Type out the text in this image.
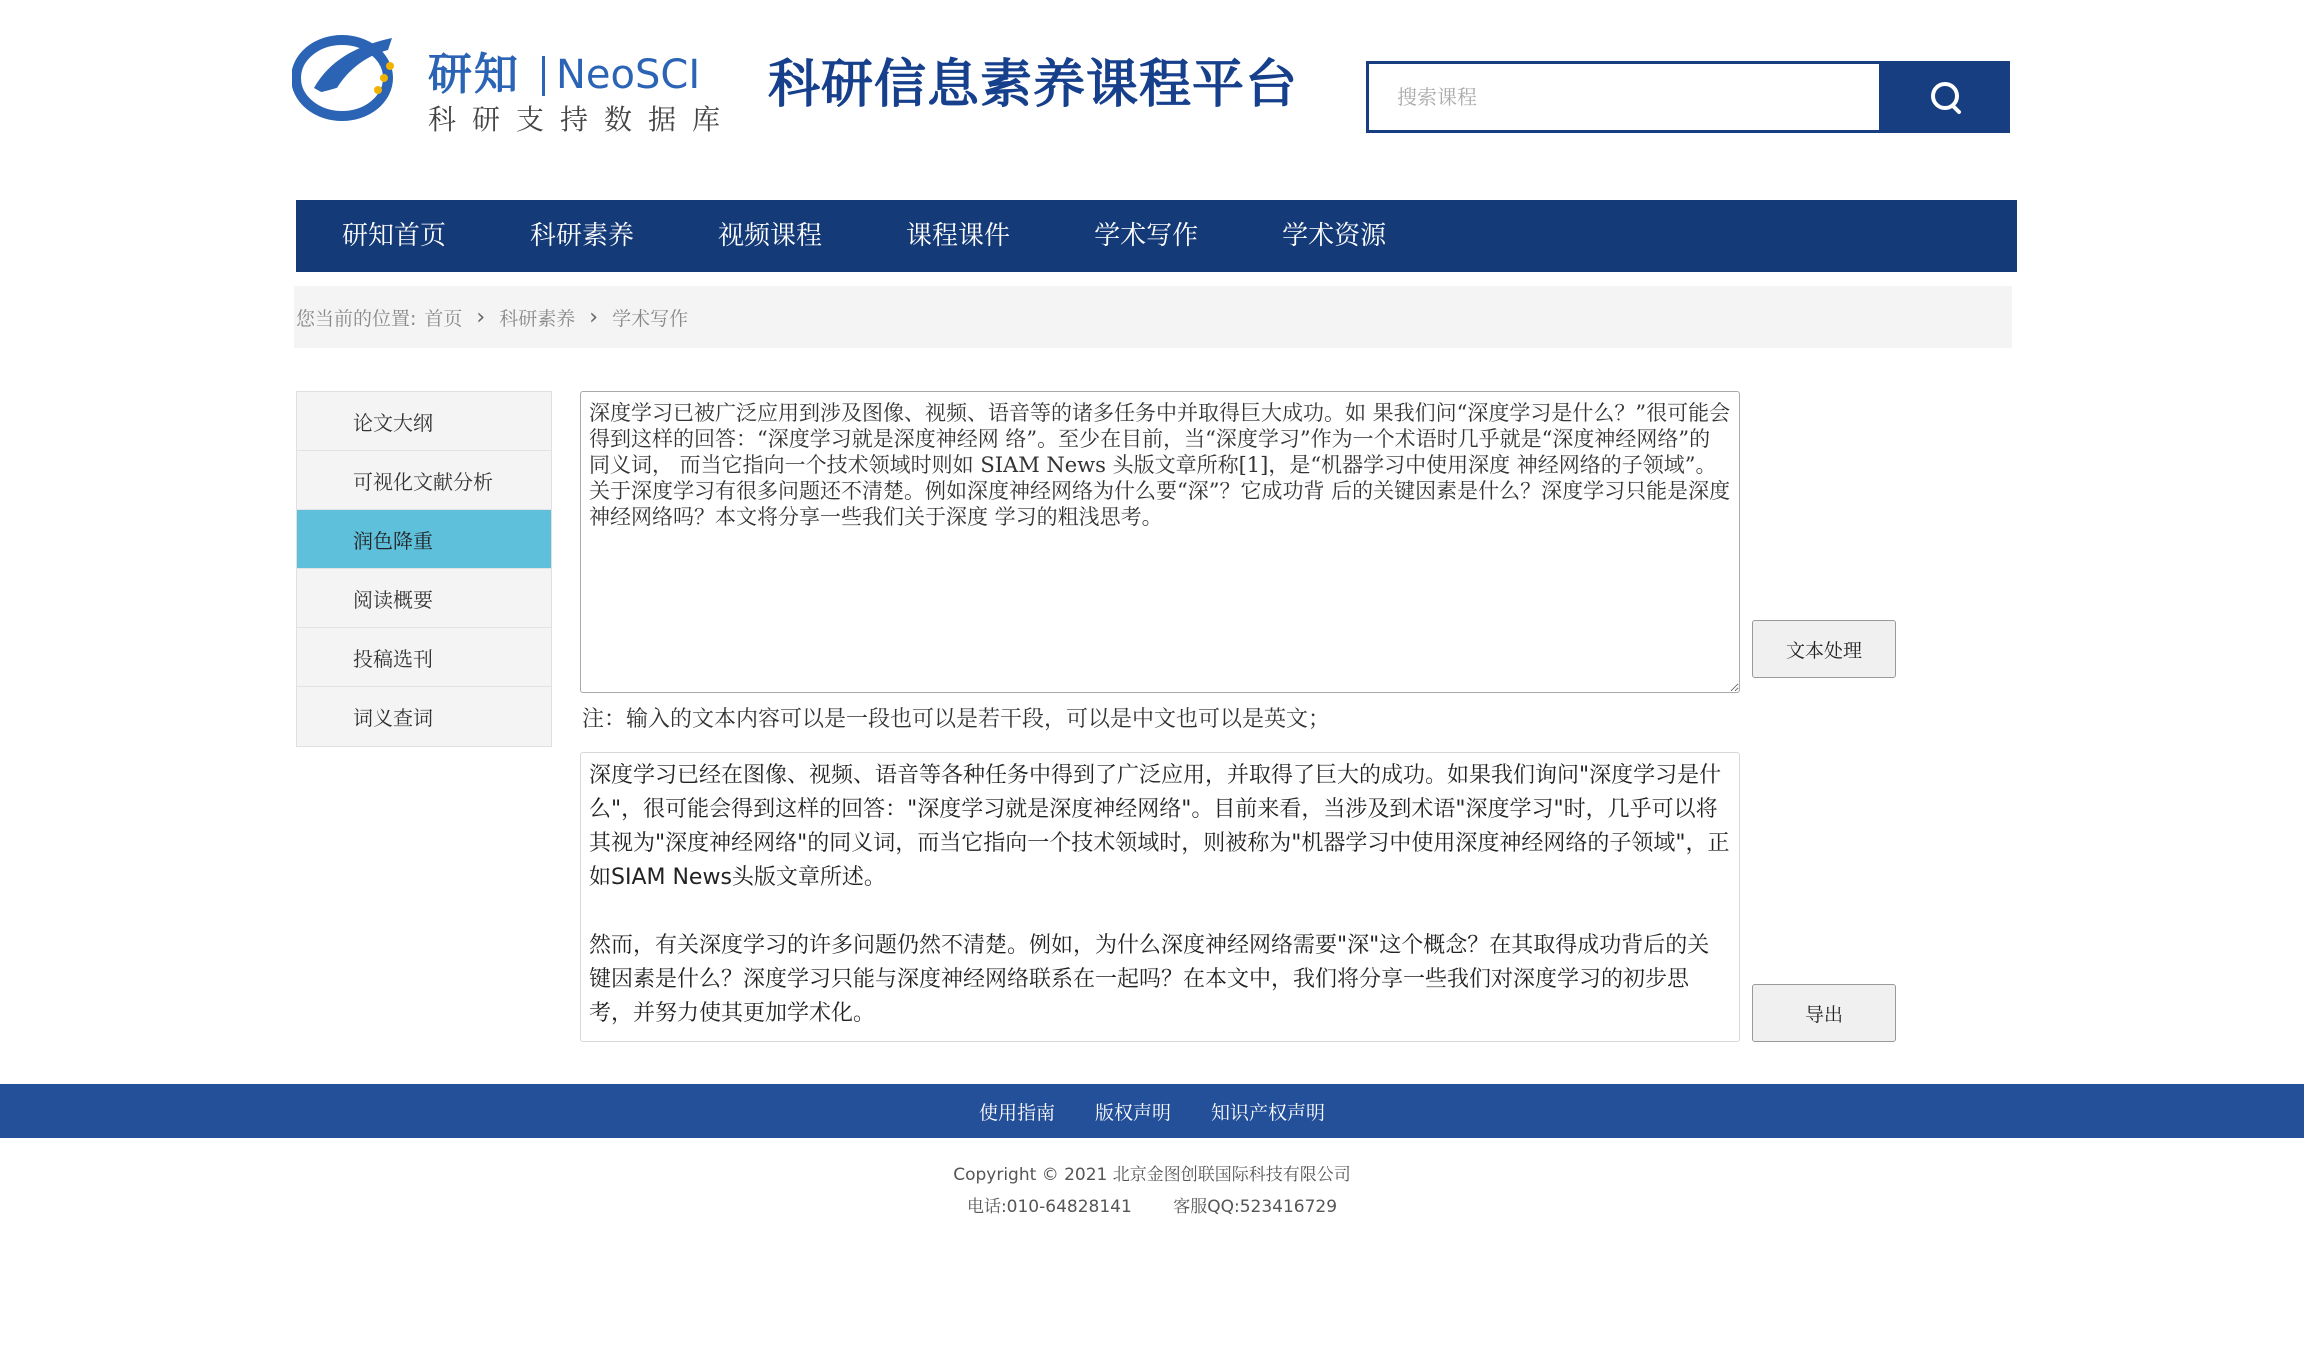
研知 NeoSCI
科研支持数据库
科研信息素养课程平台
搜索课程
研知首页	科研素养	视频课程	课程课件	学术写作	学术资源
您当前的位置: 首页 › 科研素养 › 学术写作
论文大纲
可视化文献分析
润色降重
阅读概要
投稿选刊
词义查词
深度学习已被广泛应用到涉及图像、视频、语音等的诸多任务中并取得巨大成功。如 果我们问“深度学习是什么？”很可能会得到这样的回答：“深度学习就是深度神经网 络”。至少在目前，当“深度学习”作为一个术语时几乎就是“深度神经网络”的同义词， 而当它指向一个技术领域时则如 SIAM News 头版文章所称[1]，是“机器学习中使用深度 神经网络的子领域”。关于深度学习有很多问题还不清楚。例如深度神经网络为什么要“深”？它成功背 后的关键因素是什么？深度学习只能是深度神经网络吗？本文将分享一些我们关于深度 学习的粗浅思考。
文本处理
注：输入的文本内容可以是一段也可以是若干段，可以是中文也可以是英文；

深度学习已经在图像、视频、语音等各种任务中得到了广泛应用，并取得了巨大的成功。如果我们询问"深度学习是什么"，很可能会得到这样的回答："深度学习就是深度神经网络"。目前来看，当涉及到术语"深度学习"时，几乎可以将其视为"深度神经网络"的同义词，而当它指向一个技术领域时，则被称为"机器学习中使用深度神经网络的子领域"，正如SIAM News头版文章所述。

然而，有关深度学习的许多问题仍然不清楚。例如，为什么深度神经网络需要"深"这个概念？在其取得成功背后的关键因素是什么？深度学习只能与深度神经网络联系在一起吗？在本文中，我们将分享一些我们对深度学习的初步思考，并努力使其更加学术化。	导出
使用指南 版权声明 知识产权声明
Copyright © 2021 北京金图创联国际科技有限公司
电话:010-64828141 客服QQ:523416729
